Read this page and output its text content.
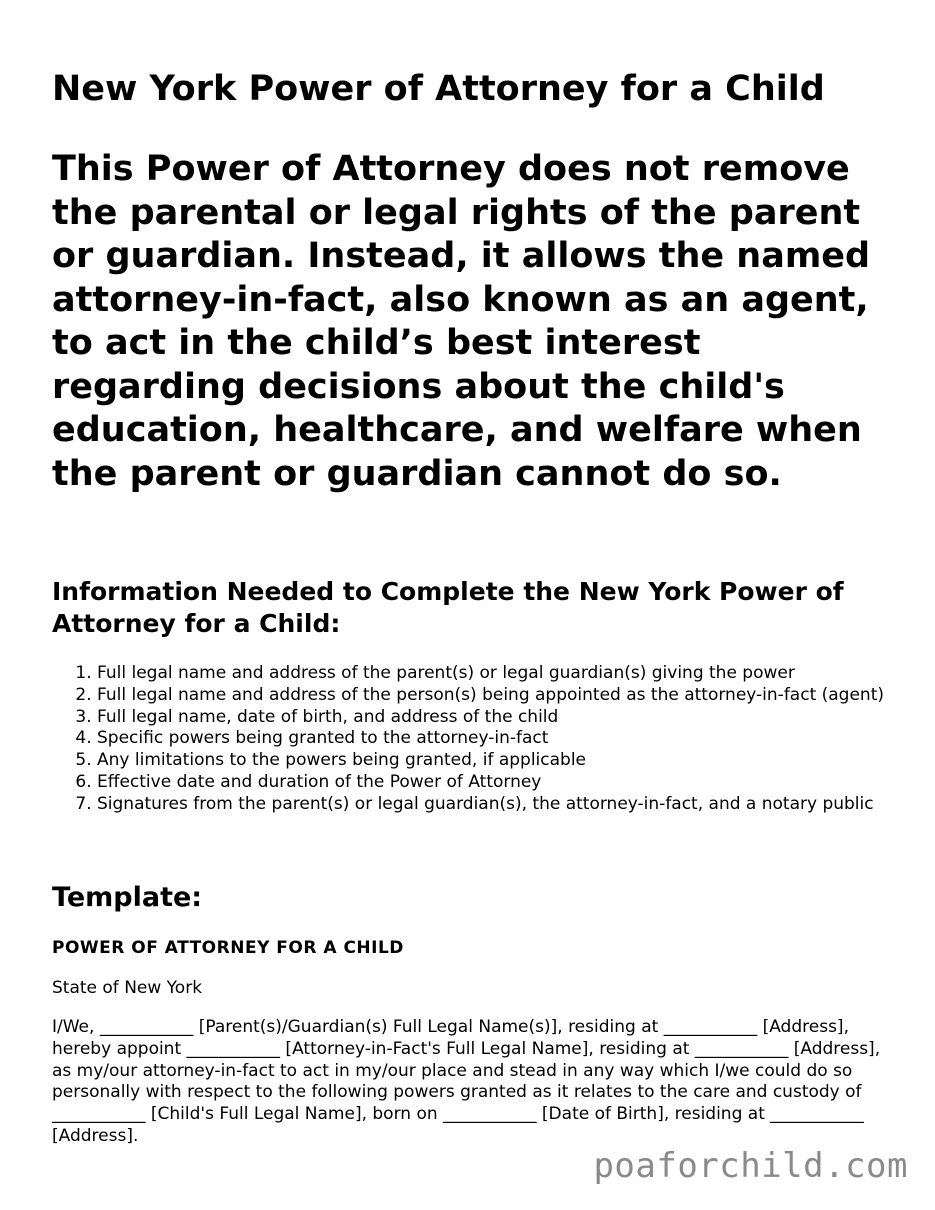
New York Power of Attorney for a Child

This Power of Attorney does not remove the parental or legal rights of the parent or guardian. Instead, it allows the named attorney-in-fact, also known as an agent, to act in the child’s best interest regarding decisions about the child's education, healthcare, and welfare when the parent or guardian cannot do so.

Information Needed to Complete the New York Power of Attorney for a Child:
1. Full legal name and address of the parent(s) or legal guardian(s) giving the power
2. Full legal name and address of the person(s) being appointed as the attorney-in-fact (agent)
3. Full legal name, date of birth, and address of the child
4. Specific powers being granted to the attorney-in-fact
5. Any limitations to the powers being granted, if applicable
6. Effective date and duration of the Power of Attorney
7. Signatures from the parent(s) or legal guardian(s), the attorney-in-fact, and a notary public
Template:

POWER OF ATTORNEY FOR A CHILD

State of New York

I/We, ___________ [Parent(s)/Guardian(s) Full Legal Name(s)], residing at ___________ [Address], hereby appoint ___________ [Attorney-in-Fact's Full Legal Name], residing at ___________ [Address], as my/our attorney-in-fact to act in my/our place and stead in any way which I/we could do so personally with respect to the following powers granted as it relates to the care and custody of ___________ [Child's Full Legal Name], born on ___________ [Date of Birth], residing at ___________ [Address].

poaforchild.com
